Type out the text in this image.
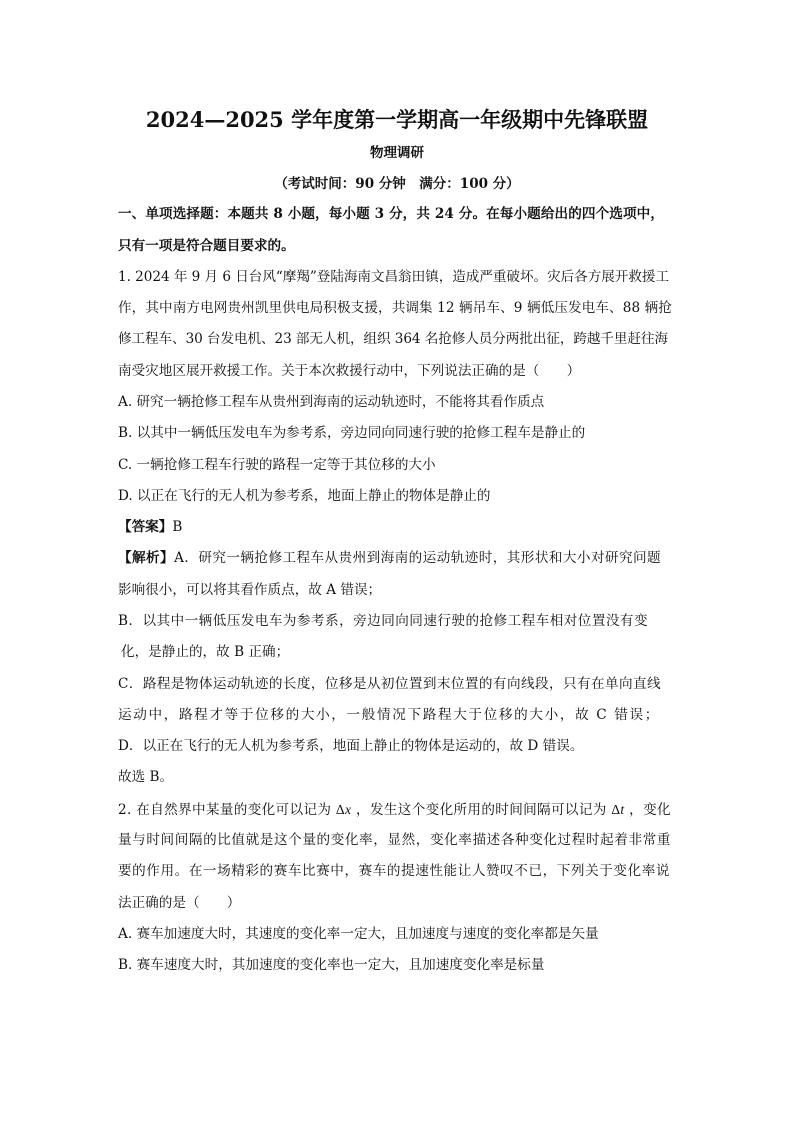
2024—2025 学年度第一学期高一年级期中先锋联盟
物理调研
（考试时间：90 分钟　满分：100 分）
一、单项选择题：本题共 8 小题，每小题 3 分，共 24 分。在每小题给出的四个选项中，
只有一项是符合题目要求的。
1. 2024 年 9 月 6 日台风“摩羯”登陆海南文昌翁田镇，造成严重破坏。灾后各方展开救援工
作，其中南方电网贵州凯里供电局积极支援，共调集 12 辆吊车、9 辆低压发电车、88 辆抢
修工程车、30 台发电机、23 部无人机，组织 364 名抢修人员分两批出征，跨越千里赶往海
南受灾地区展开救援工作。关于本次救援行动中，下列说法正确的是（　　）
A. 研究一辆抢修工程车从贵州到海南的运动轨迹时，不能将其看作质点
B. 以其中一辆低压发电车为参考系，旁边同向同速行驶的抢修工程车是静止的
C. 一辆抢修工程车行驶的路程一定等于其位移的大小
D. 以正在飞行的无人机为参考系，地面上静止的物体是静止的
【答案】B
【解析】A．研究一辆抢修工程车从贵州到海南的运动轨迹时，其形状和大小对研究问题
影响很小，可以将其看作质点，故 A 错误；
B．以其中一辆低压发电车为参考系，旁边同向同速行驶的抢修工程车相对位置没有变
化，是静止的，故 B 正确；
C．路程是物体运动轨迹的长度，位移是从初位置到末位置的有向线段，只有在单向直线
运动中，路程才等于位移的大小，一般情况下路程大于位移的大小，故 C 错误；
D．以正在飞行的无人机为参考系，地面上静止的物体是运动的，故 D 错误。
故选 B。
2. 在自然界中某量的变化可以记为 Δx ，发生这个变化所用的时间间隔可以记为 Δt ，变化
量与时间间隔的比值就是这个量的变化率，显然，变化率描述各种变化过程时起着非常重
要的作用。在一场精彩的赛车比赛中，赛车的提速性能让人赞叹不已，下列关于变化率说
法正确的是（　　）
A. 赛车加速度大时，其速度的变化率一定大，且加速度与速度的变化率都是矢量
B. 赛车速度大时，其加速度的变化率也一定大，且加速度变化率是标量
